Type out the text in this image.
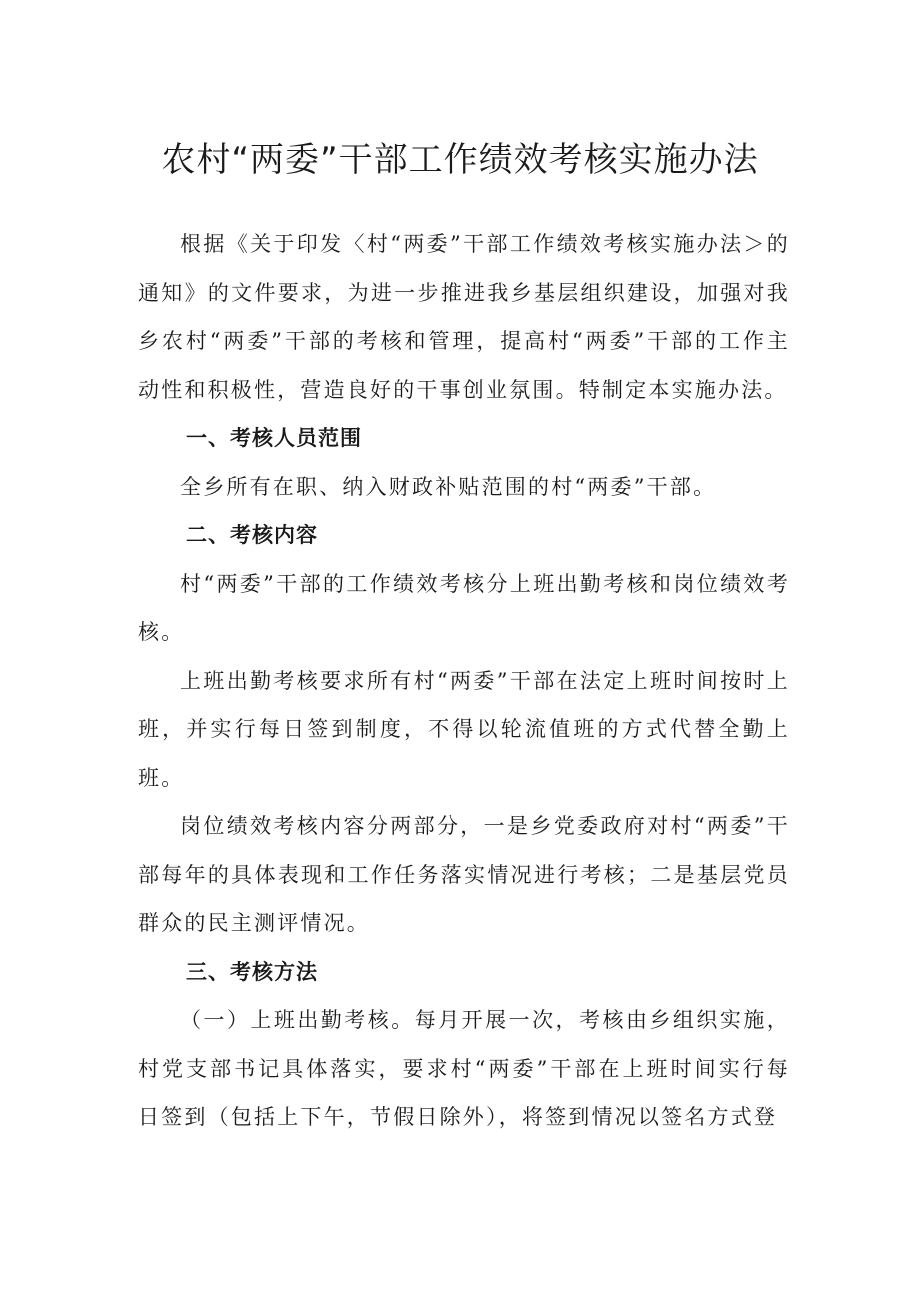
农村“两委”干部工作绩效考核实施办法

根据《关于印发〈村“两委”干部工作绩效考核实施办法＞的通知》的文件要求，为进一步推进我乡基层组织建设，加强对我乡农村“两委”干部的考核和管理，提高村“两委”干部的工作主动性和积极性，营造良好的干事创业氛围。特制定本实施办法。

一、考核人员范围

全乡所有在职、纳入财政补贴范围的村“两委”干部。

二、考核内容

村“两委”干部的工作绩效考核分上班出勤考核和岗位绩效考核。

上班出勤考核要求所有村“两委”干部在法定上班时间按时上班，并实行每日签到制度，不得以轮流值班的方式代替全勤上班。

岗位绩效考核内容分两部分，一是乡党委政府对村“两委”干部每年的具体表现和工作任务落实情况进行考核；二是基层党员群众的民主测评情况。

三、考核方法

（一）上班出勤考核。每月开展一次，考核由乡组织实施，村党支部书记具体落实，要求村“两委”干部在上班时间实行每日签到（包括上下午，节假日除外），将签到情况以签名方式登
